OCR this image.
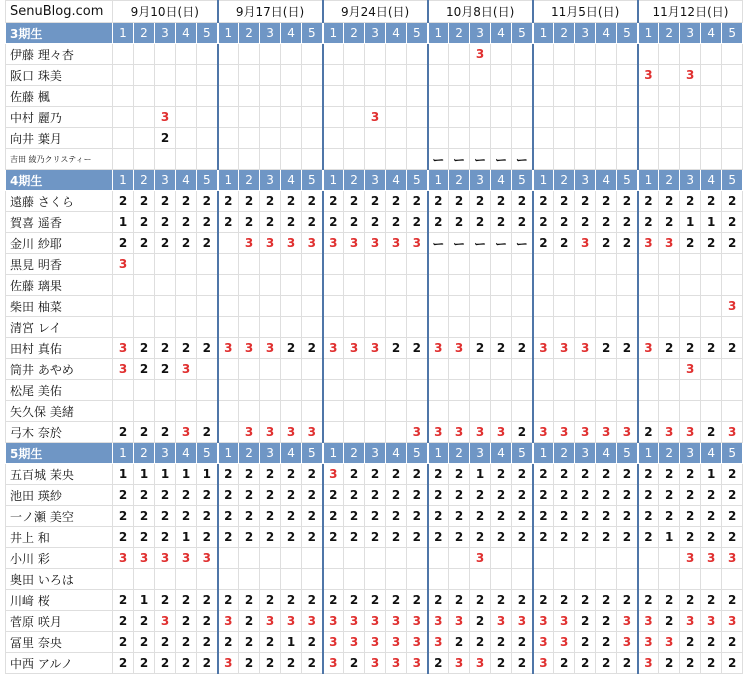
SenuBlog.com	9月10日(日)					9月17日(日)					9月24日(日)					10月8日(日)					11月5日(日)					11月12日(日)				
3期生	1	2	3	4	5	1	2	3	4	5	1	2	3	4	5	1	2	3	4	5	1	2	3	4	5	1	2	3	4	5
伊藤 理々杏																		3												
阪口 珠美																										3		3		
佐藤 楓																														
中村 麗乃			3										3																	
向井 葉月			2																											
吉田 綾乃クリスティー																ー	ー	ー	ー	ー										
4期生	1	2	3	4	5	1	2	3	4	5	1	2	3	4	5	1	2	3	4	5	1	2	3	4	5	1	2	3	4	5
遠藤 さくら	2	2	2	2	2	2	2	2	2	2	2	2	2	2	2	2	2	2	2	2	2	2	2	2	2	2	2	2	2	2
賀喜 遥香	1	2	2	2	2	2	2	2	2	2	2	2	2	2	2	2	2	2	2	2	2	2	2	2	2	2	2	1	1	2
金川 紗耶	2	2	2	2	2		3	3	3	3	3	3	3	3	3	ー	ー	ー	ー	ー	2	2	3	2	2	3	3	2	2	2
黒見 明香	3																													
佐藤 璃果																														
柴田 柚菜																														3
清宮 レイ																														
田村 真佑	3	2	2	2	2	3	3	3	2	2	3	3	3	2	2	3	3	2	2	2	3	3	3	2	2	3	2	2	2	2
筒井 あやめ	3	2	2	3																								3		
松尾 美佑																														
矢久保 美緒																														
弓木 奈於	2	2	2	3	2		3	3	3	3					3	3	3	3	3	2	3	3	3	3	3	2	3	3	2	3
5期生	1	2	3	4	5	1	2	3	4	5	1	2	3	4	5	1	2	3	4	5	1	2	3	4	5	1	2	3	4	5
五百城 茉央	1	1	1	1	1	2	2	2	2	2	3	2	2	2	2	2	2	1	2	2	2	2	2	2	2	2	2	2	1	2
池田 瑛紗	2	2	2	2	2	2	2	2	2	2	2	2	2	2	2	2	2	2	2	2	2	2	2	2	2	2	2	2	2	2
一ノ瀬 美空	2	2	2	2	2	2	2	2	2	2	2	2	2	2	2	2	2	2	2	2	2	2	2	2	2	2	2	2	2	2
井上 和	2	2	2	1	2	2	2	2	2	2	2	2	2	2	2	2	2	2	2	2	2	2	2	2	2	2	1	2	2	2
小川 彩	3	3	3	3	3													3										3	3	3
奥田 いろは																														
川﨑 桜	2	1	2	2	2	2	2	2	2	2	2	2	2	2	2	2	2	2	2	2	2	2	2	2	2	2	2	2	2	2
菅原 咲月	2	2	3	2	2	3	2	3	3	3	3	3	3	3	3	3	3	2	3	3	3	3	2	2	3	3	2	3	3	3
冨里 奈央	2	2	2	2	2	2	2	2	1	2	3	3	3	3	3	3	2	2	2	2	3	3	2	2	3	3	3	2	2	2
中西 アルノ	2	2	2	2	2	3	2	2	2	2	3	2	3	3	3	2	3	3	2	2	3	2	2	2	2	3	2	2	2	2
